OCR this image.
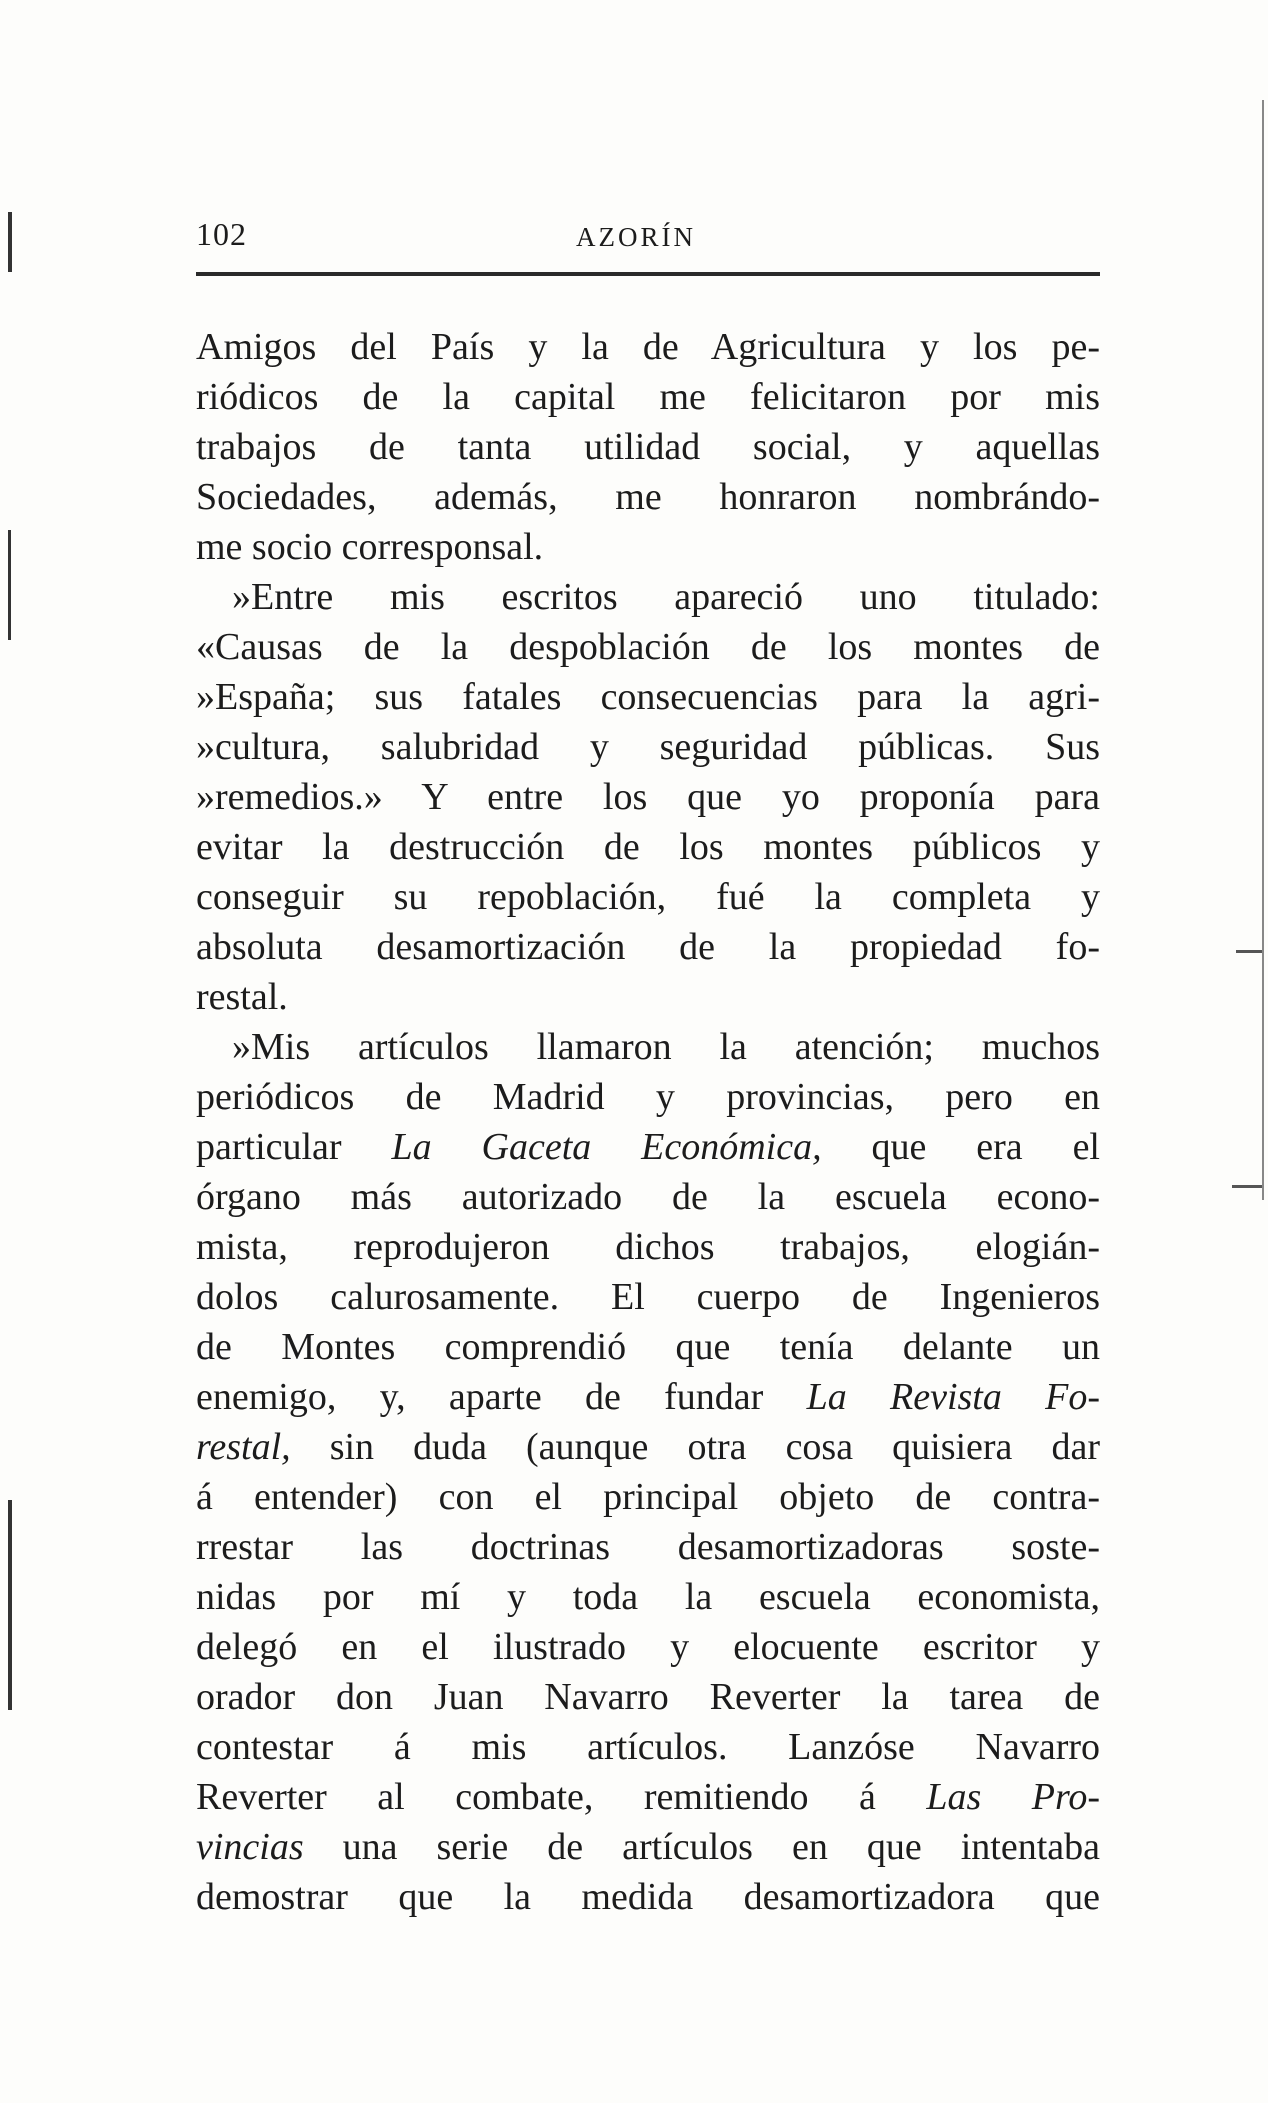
102	AZORÍN
Amigos del País y la de Agricultura y los pe-
riódicos de la capital me felicitaron por mis
trabajos de tanta utilidad social, y aquellas
Sociedades, además, me honraron nombrándo-
me socio corresponsal.
»Entre mis escritos apareció uno titulado:
«Causas de la despoblación de los montes de
»España; sus fatales consecuencias para la agri-
»cultura, salubridad y seguridad públicas. Sus
»remedios.» Y entre los que yo proponía para
evitar la destrucción de los montes públicos y
conseguir su repoblación, fué la completa y
absoluta desamortización de la propiedad fo-
restal.
»Mis artículos llamaron la atención; muchos
periódicos de Madrid y provincias, pero en
particular La Gaceta Económica, que era el
órgano más autorizado de la escuela econo-
mista, reprodujeron dichos trabajos, elogián-
dolos calurosamente. El cuerpo de Ingenieros
de Montes comprendió que tenía delante un
enemigo, y, aparte de fundar La Revista Fo-
restal, sin duda (aunque otra cosa quisiera dar
á entender) con el principal objeto de contra-
rrestar las doctrinas desamortizadoras soste-
nidas por mí y toda la escuela economista,
delegó en el ilustrado y elocuente escritor y
orador don Juan Navarro Reverter la tarea de
contestar á mis artículos. Lanzóse Navarro
Reverter al combate, remitiendo á Las Pro-
vincias una serie de artículos en que intentaba
demostrar que la medida desamortizadora que
